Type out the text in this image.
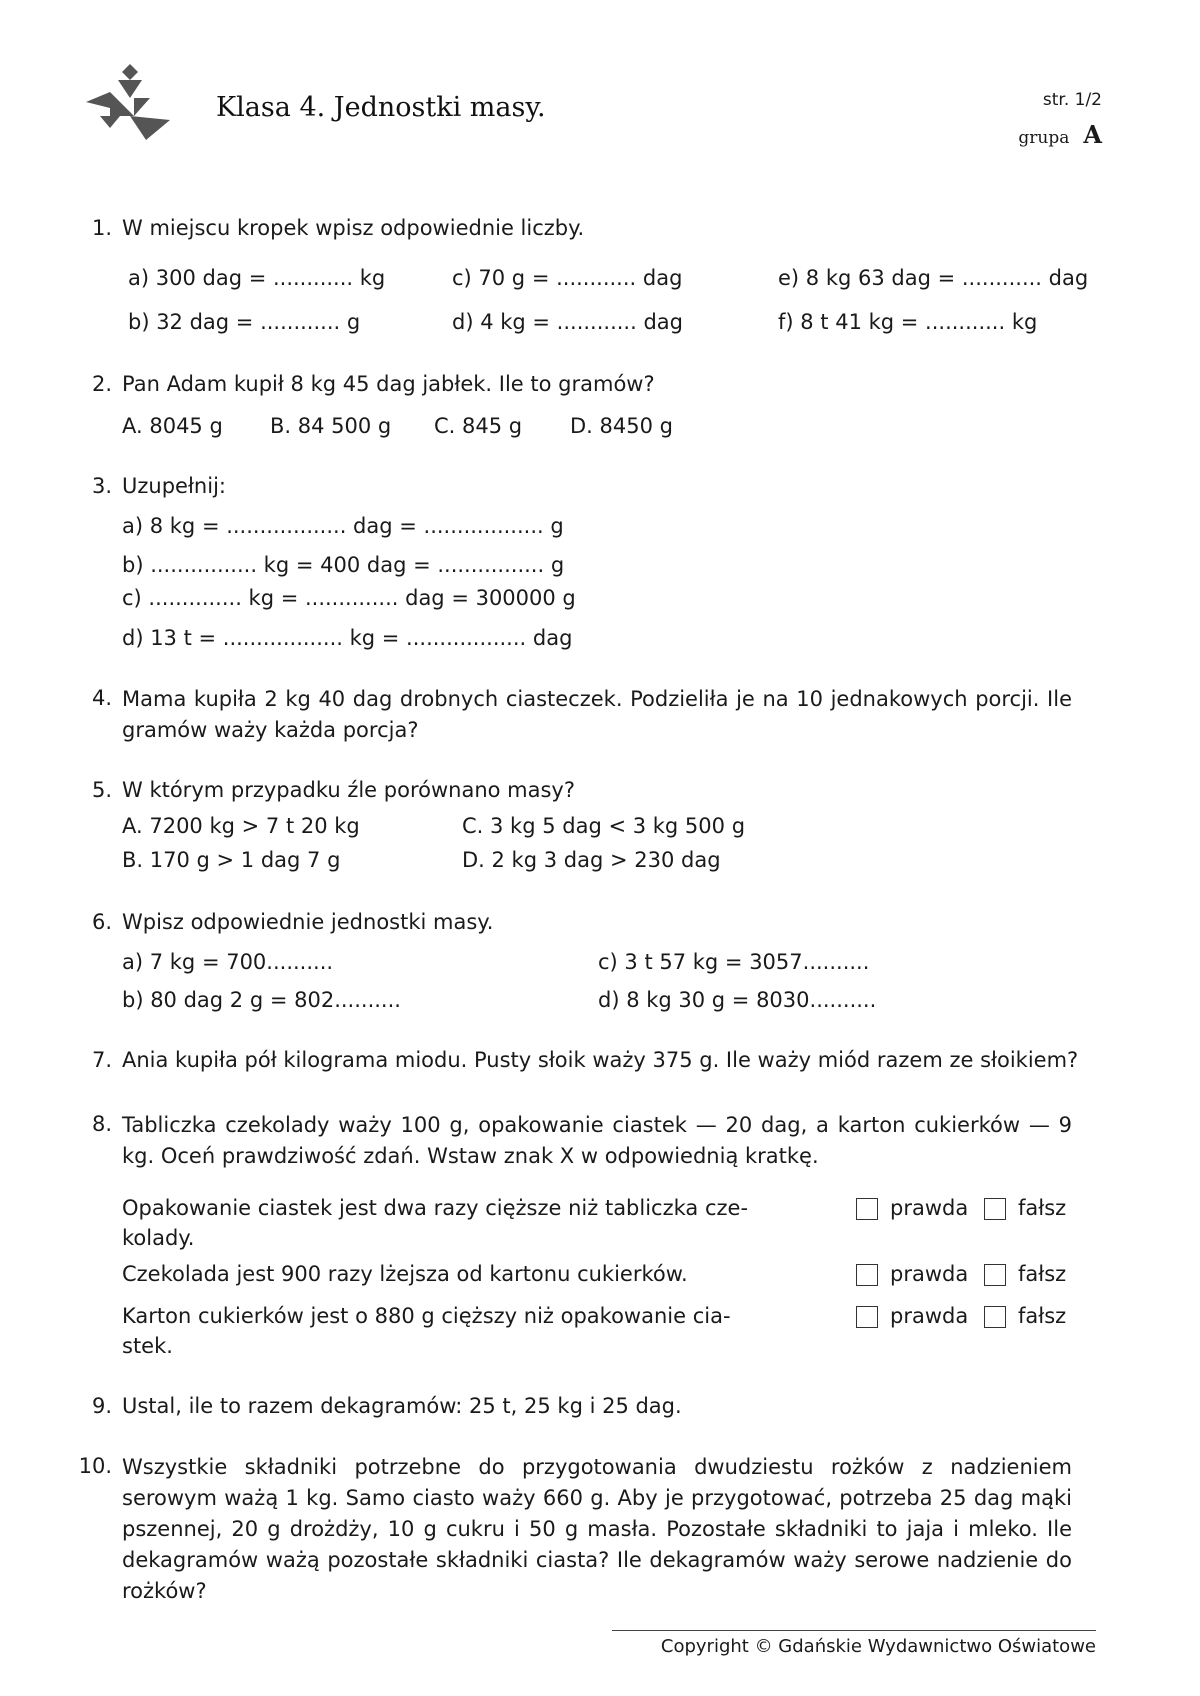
Klasa 4. Jednostki masy.	str. 1/2
grupa A
1. W miejscu kropek wpisz odpowiednie liczby.
a) 300 dag = ............ kg	c) 70 g = ............ dag	e) 8 kg 63 dag = ............ dag
b) 32 dag = ............ g	d) 4 kg = ............ dag	f) 8 t 41 kg = ............ kg
2. Pan Adam kupił 8 kg 45 dag jabłek. Ile to gramów?
A. 8045 g B. 84 500 g C. 845 g D. 8450 g
3. Uzupełnij:
a) 8 kg = .................. dag = .................. g
b) ................ kg = 400 dag = ................ g
c) .............. kg = .............. dag = 300000 g
d) 13 t = .................. kg = .................. dag
4. Mama kupiła 2 kg 40 dag drobnych ciasteczek. Podzieliła je na 10 jednakowych porcji. Ile gramów waży każda porcja?
5. W którym przypadku źle porównano masy?
A. 7200 kg > 7 t 20 kg	C. 3 kg 5 dag < 3 kg 500 g
B. 170 g > 1 dag 7 g	D. 2 kg 3 dag > 230 dag
6. Wpisz odpowiednie jednostki masy.
a) 7 kg = 700..........	c) 3 t 57 kg = 3057..........
b) 80 dag 2 g = 802..........	d) 8 kg 30 g = 8030..........
7. Ania kupiła pół kilograma miodu. Pusty słoik waży 375 g. Ile waży miód razem ze słoikiem?
8. Tabliczka czekolady waży 100 g, opakowanie ciastek — 20 dag, a karton cukierków — 9 kg. Oceń prawdziwość zdań. Wstaw znak X w odpowiednią kratkę.
Opakowanie ciastek jest dwa razy cięższe niż tabliczka cze-
kolady.
prawda fałsz
Czekolada jest 900 razy lżejsza od kartonu cukierków.	prawda fałsz
Karton cukierków jest o 880 g cięższy niż opakowanie cia-
stek.
prawda fałsz
9. Ustal, ile to razem dekagramów: 25 t, 25 kg i 25 dag.
10. Wszystkie składniki potrzebne do przygotowania dwudziestu rożków z nadzieniem serowym ważą 1 kg. Samo ciasto waży 660 g. Aby je przygotować, potrzeba 25 dag mąki pszennej, 20 g drożdży, 10 g cukru i 50 g masła. Pozostałe składniki to jaja i mleko. Ile dekagramów ważą pozostałe składniki ciasta? Ile dekagramów waży serowe nadzienie do rożków?
Copyright © Gdańskie Wydawnictwo Oświatowe
